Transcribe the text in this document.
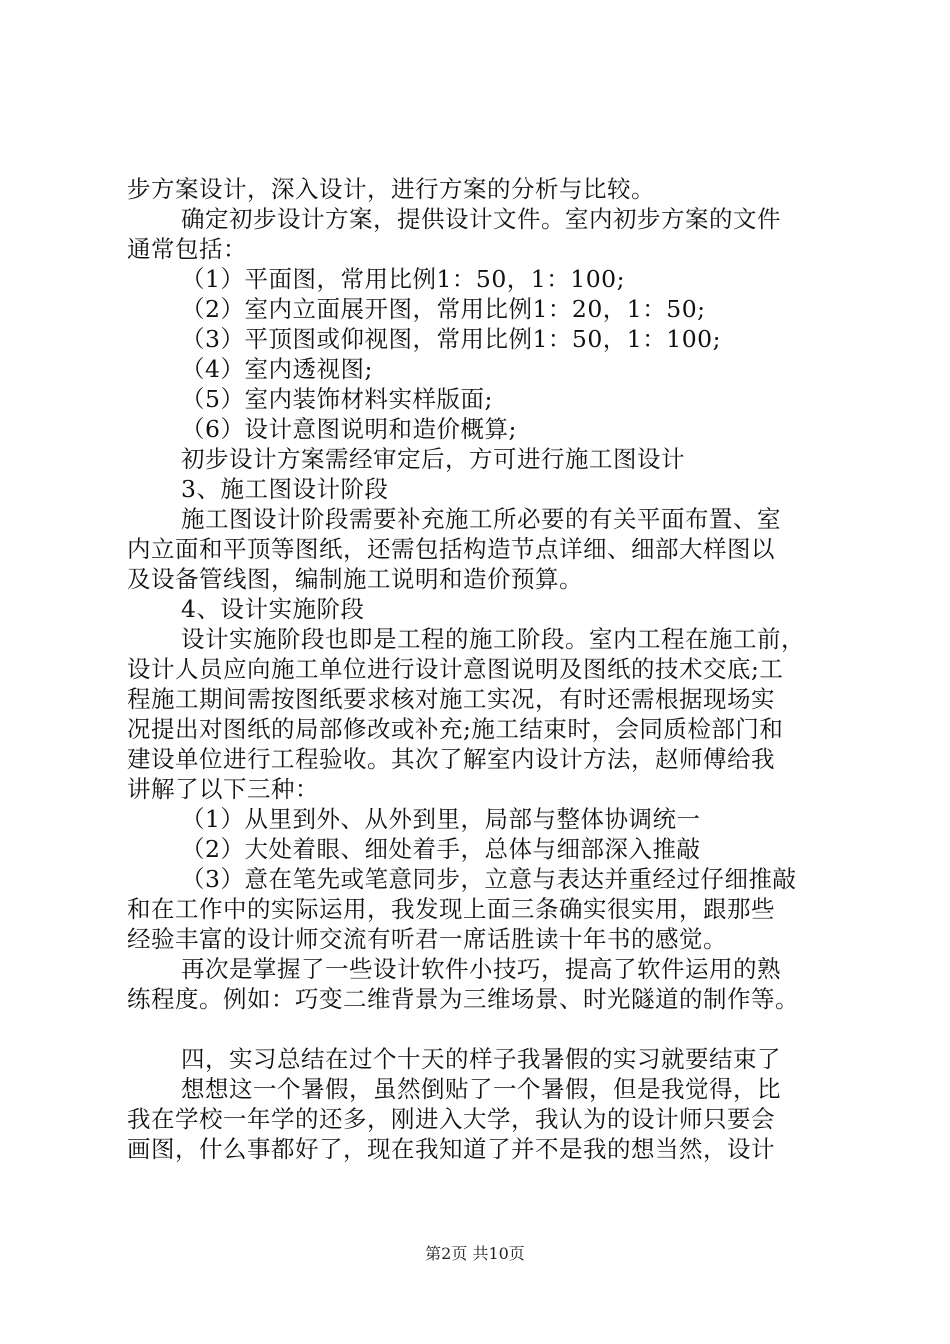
步方案设计，深入设计，进行方案的分析与比较。
确定初步设计方案，提供设计文件。室内初步方案的文件
通常包括：
（1）平面图，常用比例1：50，1：100;
（2）室内立面展开图，常用比例1：20，1：50;
（3）平顶图或仰视图，常用比例1：50，1：100;
（4）室内透视图;
（5）室内装饰材料实样版面;
（6）设计意图说明和造价概算;
初步设计方案需经审定后，方可进行施工图设计
3、施工图设计阶段
施工图设计阶段需要补充施工所必要的有关平面布置、室
内立面和平顶等图纸，还需包括构造节点详细、细部大样图以
及设备管线图，编制施工说明和造价预算。
4、设计实施阶段
设计实施阶段也即是工程的施工阶段。室内工程在施工前，
设计人员应向施工单位进行设计意图说明及图纸的技术交底;工
程施工期间需按图纸要求核对施工实况，有时还需根据现场实
况提出对图纸的局部修改或补充;施工结束时，会同质检部门和
建设单位进行工程验收。其次了解室内设计方法，赵师傅给我
讲解了以下三种：
（1）从里到外、从外到里，局部与整体协调统一
（2）大处着眼、细处着手，总体与细部深入推敲
（3）意在笔先或笔意同步，立意与表达并重经过仔细推敲
和在工作中的实际运用，我发现上面三条确实很实用，跟那些
经验丰富的设计师交流有听君一席话胜读十年书的感觉。
再次是掌握了一些设计软件小技巧，提高了软件运用的熟
练程度。例如：巧变二维背景为三维场景、时光隧道的制作等。
四，实习总结在过个十天的样子我暑假的实习就要结束了
想想这一个暑假，虽然倒贴了一个暑假，但是我觉得，比
我在学校一年学的还多，刚进入大学，我认为的设计师只要会
画图，什么事都好了，现在我知道了并不是我的想当然，设计
第2页 共10页
